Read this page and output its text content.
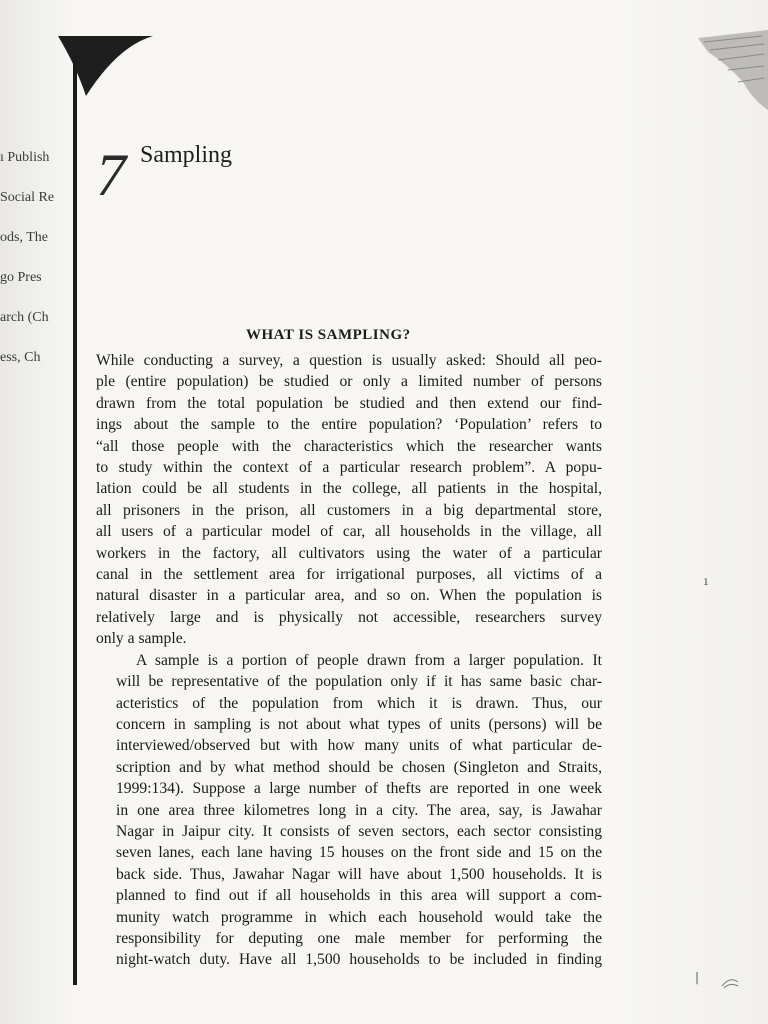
ı Publish
Social Re
ods, The
go Pres
arch (Ch
ess, Ch
7 Sampling
WHAT IS SAMPLING?

While conducting a survey, a question is usually asked: Should all peo-
ple (entire population) be studied or only a limited number of persons
drawn from the total population be studied and then extend our find-
ings about the sample to the entire population? ‘Population’ refers to
“all those people with the characteristics which the researcher wants
to study within the context of a particular research problem”. A popu-
lation could be all students in the college, all patients in the hospital,
all prisoners in the prison, all customers in a big departmental store,
all users of a particular model of car, all households in the village, all
workers in the factory, all cultivators using the water of a particular
canal in the settlement area for irrigational purposes, all victims of a
natural disaster in a particular area, and so on. When the population is
relatively large and is physically not accessible, researchers survey
only a sample.

A sample is a portion of people drawn from a larger population. It
will be representative of the population only if it has same basic char-
acteristics of the population from which it is drawn. Thus, our
concern in sampling is not about what types of units (persons) will be
interviewed/observed but with how many units of what particular de-
scription and by what method should be chosen (Singleton and Straits,
1999:134). Suppose a large number of thefts are reported in one week
in one area three kilometres long in a city. The area, say, is Jawahar
Nagar in Jaipur city. It consists of seven sectors, each sector consisting
seven lanes, each lane having 15 houses on the front side and 15 on the
back side. Thus, Jawahar Nagar will have about 1,500 households. It is
planned to find out if all households in this area will support a com-
munity watch programme in which each household would take the
responsibility for deputing one male member for performing the
night-watch duty. Have all 1,500 households to be included in finding

ı
|
